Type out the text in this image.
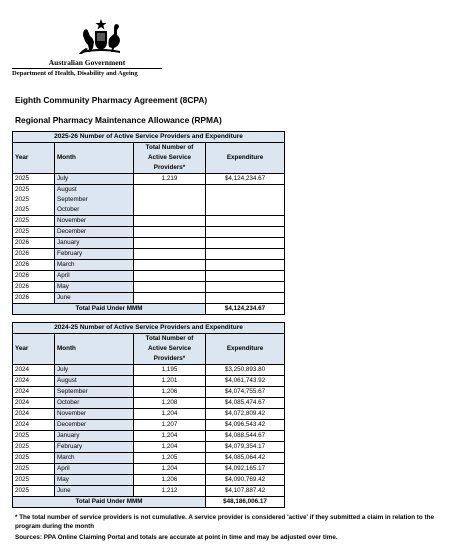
Australian Government
Department of Health, Disability and Ageing
Eighth Community Pharmacy Agreement (8CPA)
Regional Pharmacy Maintenance Allowance (RPMA)
2025-26 Number of Active Service Providers and Expenditure			
Year	Month	Total Number of Active Service Providers*	Expenditure
2025	July	1,219	$4,124,234.67
2025	August		
2025	September		
2025	October		
2025	November		
2025	December		
2026	January		
2026	February		
2026	March		
2026	April		
2026	May		
2026	June		
Total Paid Under MMM			$4,124,234.67
2024-25 Number of Active Service Providers and Expenditure			
Year	Month	Total Number of Active Service Providers*	Expenditure
2024	July	1,195	$3,250,893.80
2024	August	1,201	$4,061,743.92
2024	September	1,206	$4,074,755.67
2024	October	1,208	$4,085,474.67
2024	November	1,204	$4,072,809.42
2024	December	1,207	$4,096,543.42
2025	January	1,204	$4,088,544.67
2025	February	1,204	$4,079,354.17
2025	March	1,205	$4,085,064.42
2025	April	1,204	$4,092,165.17
2025	May	1,206	$4,090,769.42
2025	June	1,212	$4,107,887.42
Total Paid Under MMM			$48,186,006.17
* The total number of service providers is not cumulative. A service provider is considered 'active' if they submitted a claim in relation to the program during the month
Sources: PPA Online Claiming Portal and totals are accurate at point in time and may be adjusted over time.
